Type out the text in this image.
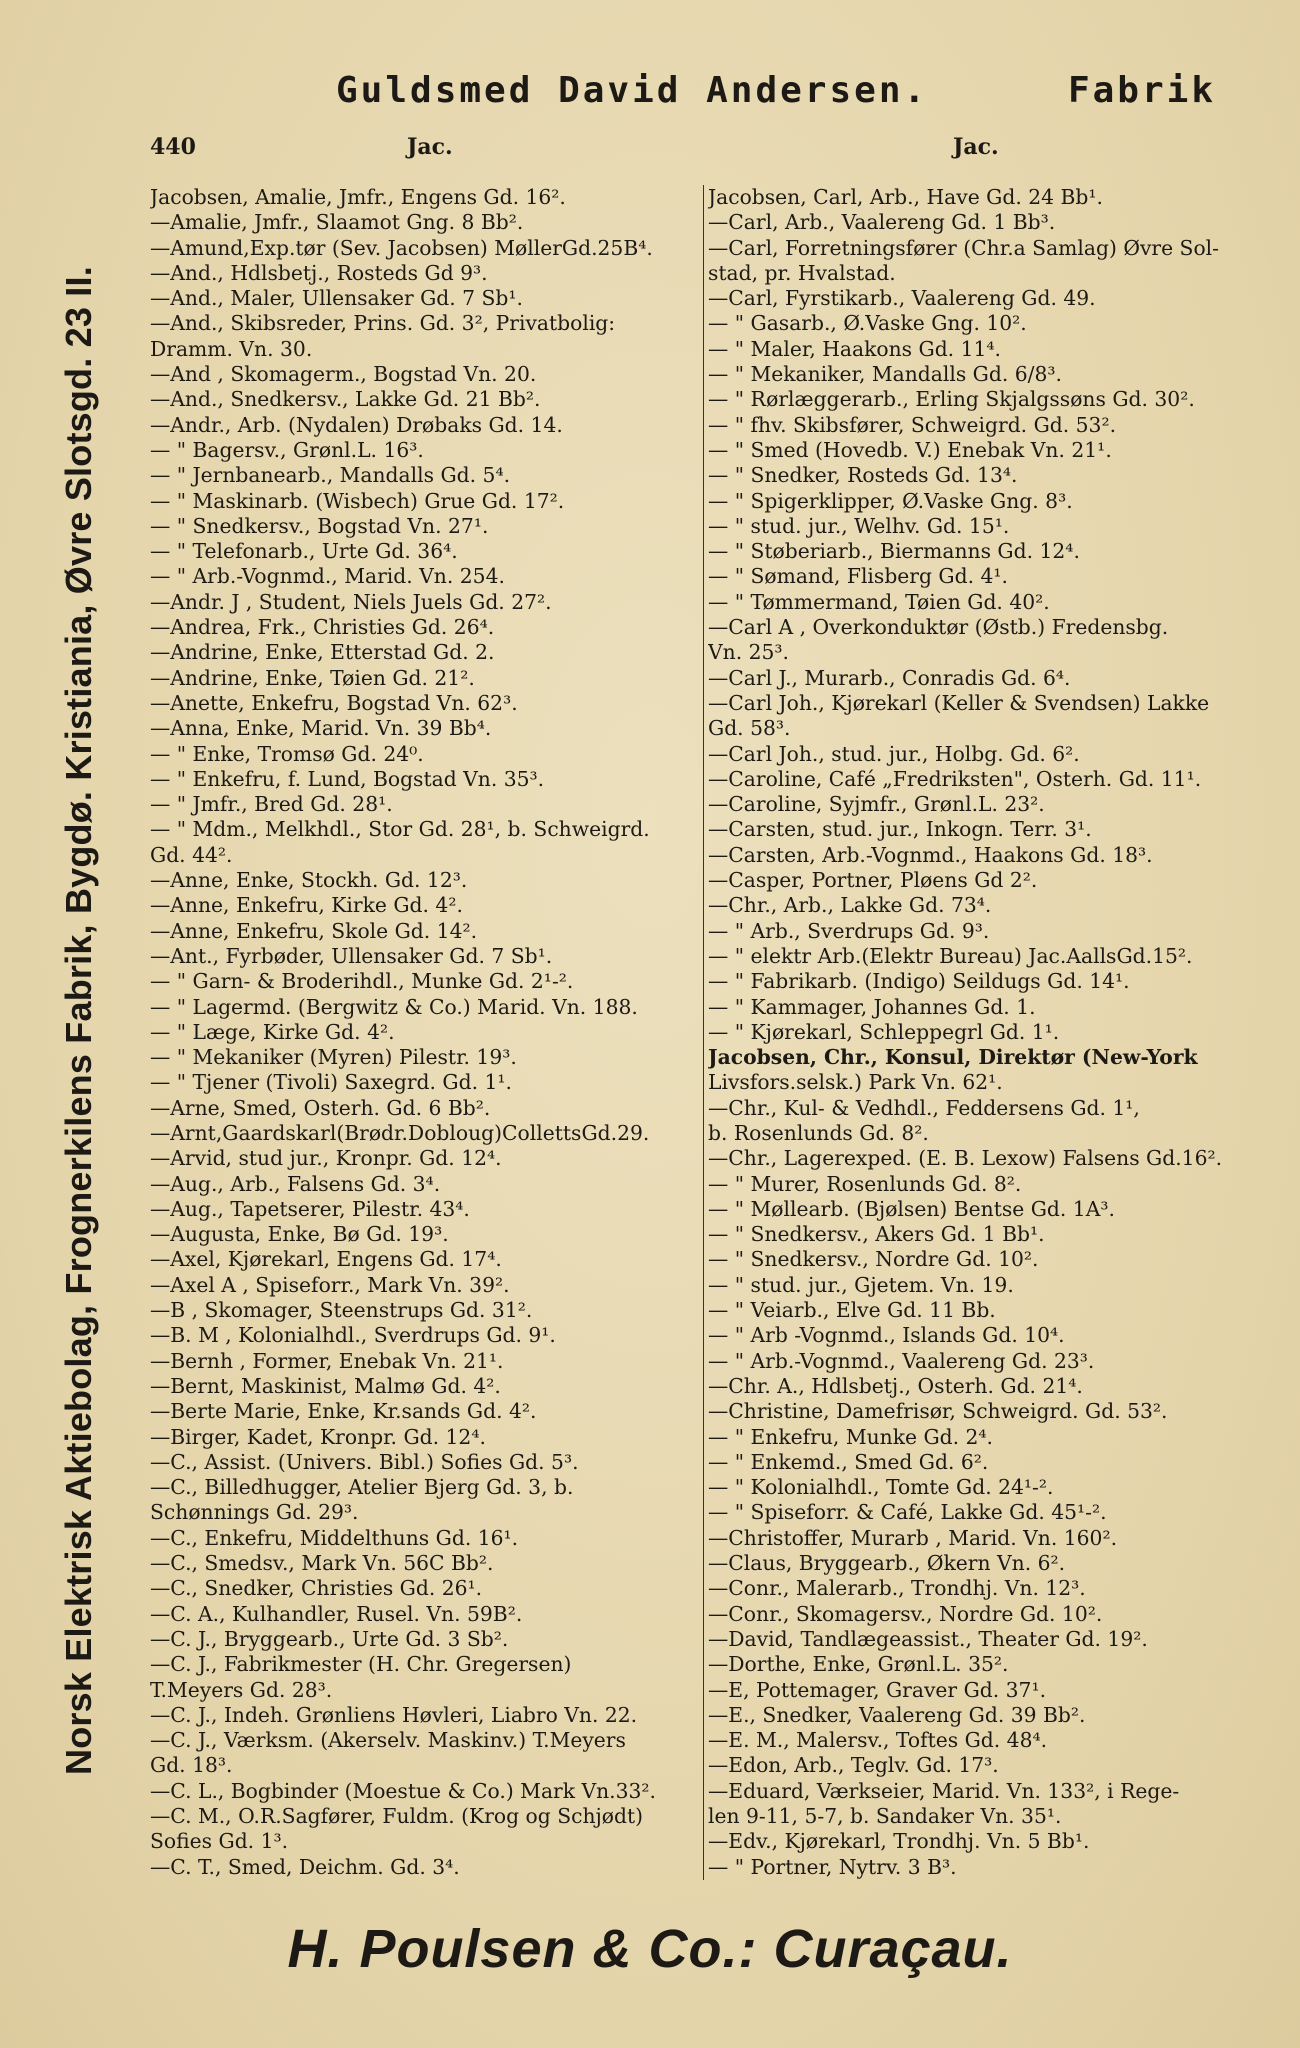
Guldsmed David Andersen.	Fabrik
440	Jac.	Jac.
Norsk Elektrisk Aktiebolag, Frognerkilens Fabrik, Bygdø. Kristiania, Øvre Slotsgd. 23 II.
Jacobsen, Amalie, Jmfr., Engens Gd. 16².
—Amalie, Jmfr., Slaamot Gng. 8 Bb².
—Amund,Exp.tør (Sev. Jacobsen) MøllerGd.25B⁴.
—And., Hdlsbetj., Rosteds Gd 9³.
—And., Maler, Ullensaker Gd. 7 Sb¹.
—And., Skibsreder, Prins. Gd. 3², Privatbolig:
Dramm. Vn. 30.
—And , Skomagerm., Bogstad Vn. 20.
—And., Snedkersv., Lakke Gd. 21 Bb².
—Andr., Arb. (Nydalen) Drøbaks Gd. 14.
— " Bagersv., Grønl.L. 16³.
— " Jernbanearb., Mandalls Gd. 5⁴.
— " Maskinarb. (Wisbech) Grue Gd. 17².
— " Snedkersv., Bogstad Vn. 27¹.
— " Telefonarb., Urte Gd. 36⁴.
— " Arb.-Vognmd., Marid. Vn. 254.
—Andr. J , Student, Niels Juels Gd. 27².
—Andrea, Frk., Christies Gd. 26⁴.
—Andrine, Enke, Etterstad Gd. 2.
—Andrine, Enke, Tøien Gd. 21².
—Anette, Enkefru, Bogstad Vn. 62³.
—Anna, Enke, Marid. Vn. 39 Bb⁴.
— " Enke, Tromsø Gd. 24⁰.
— " Enkefru, f. Lund, Bogstad Vn. 35³.
— " Jmfr., Bred Gd. 28¹.
— " Mdm., Melkhdl., Stor Gd. 28¹, b. Schweigrd.
Gd. 44².
—Anne, Enke, Stockh. Gd. 12³.
—Anne, Enkefru, Kirke Gd. 4².
—Anne, Enkefru, Skole Gd. 14².
—Ant., Fyrbøder, Ullensaker Gd. 7 Sb¹.
— " Garn- & Broderihdl., Munke Gd. 2¹-².
— " Lagermd. (Bergwitz & Co.) Marid. Vn. 188.
— " Læge, Kirke Gd. 4².
— " Mekaniker (Myren) Pilestr. 19³.
— " Tjener (Tivoli) Saxegrd. Gd. 1¹.
—Arne, Smed, Osterh. Gd. 6 Bb².
—Arnt,Gaardskarl(Brødr.Dobloug)CollettsGd.29.
—Arvid, stud jur., Kronpr. Gd. 12⁴.
—Aug., Arb., Falsens Gd. 3⁴.
—Aug., Tapetserer, Pilestr. 43⁴.
—Augusta, Enke, Bø Gd. 19³.
—Axel, Kjørekarl, Engens Gd. 17⁴.
—Axel A , Spiseforr., Mark Vn. 39².
—B , Skomager, Steenstrups Gd. 31².
—B. M , Kolonialhdl., Sverdrups Gd. 9¹.
—Bernh , Former, Enebak Vn. 21¹.
—Bernt, Maskinist, Malmø Gd. 4².
—Berte Marie, Enke, Kr.sands Gd. 4².
—Birger, Kadet, Kronpr. Gd. 12⁴.
—C., Assist. (Univers. Bibl.) Sofies Gd. 5³.
—C., Billedhugger, Atelier Bjerg Gd. 3, b.
Schønnings Gd. 29³.
—C., Enkefru, Middelthuns Gd. 16¹.
—C., Smedsv., Mark Vn. 56C Bb².
—C., Snedker, Christies Gd. 26¹.
—C. A., Kulhandler, Rusel. Vn. 59B².
—C. J., Bryggearb., Urte Gd. 3 Sb².
—C. J., Fabrikmester (H. Chr. Gregersen)
T.Meyers Gd. 28³.
—C. J., Indeh. Grønliens Høvleri, Liabro Vn. 22.
—C. J., Værksm. (Akerselv. Maskinv.) T.Meyers
Gd. 18³.
—C. L., Bogbinder (Moestue & Co.) Mark Vn.33².
—C. M., O.R.Sagfører, Fuldm. (Krog og Schjødt)
Sofies Gd. 1³.
—C. T., Smed, Deichm. Gd. 3⁴.
Jacobsen, Carl, Arb., Have Gd. 24 Bb¹.
—Carl, Arb., Vaalereng Gd. 1 Bb³.
—Carl, Forretningsfører (Chr.a Samlag) Øvre Sol-
stad, pr. Hvalstad.
—Carl, Fyrstikarb., Vaalereng Gd. 49.
— " Gasarb., Ø.Vaske Gng. 10².
— " Maler, Haakons Gd. 11⁴.
— " Mekaniker, Mandalls Gd. 6/8³.
— " Rørlæggerarb., Erling Skjalgssøns Gd. 30².
— " fhv. Skibsfører, Schweigrd. Gd. 53².
— " Smed (Hovedb. V.) Enebak Vn. 21¹.
— " Snedker, Rosteds Gd. 13⁴.
— " Spigerklipper, Ø.Vaske Gng. 8³.
— " stud. jur., Welhv. Gd. 15¹.
— " Støberiarb., Biermanns Gd. 12⁴.
— " Sømand, Flisberg Gd. 4¹.
— " Tømmermand, Tøien Gd. 40².
—Carl A , Overkonduktør (Østb.) Fredensbg.
Vn. 25³.
—Carl J., Murarb., Conradis Gd. 6⁴.
—Carl Joh., Kjørekarl (Keller & Svendsen) Lakke
Gd. 58³.
—Carl Joh., stud. jur., Holbg. Gd. 6².
—Caroline, Café „Fredriksten", Osterh. Gd. 11¹.
—Caroline, Syjmfr., Grønl.L. 23².
—Carsten, stud. jur., Inkogn. Terr. 3¹.
—Carsten, Arb.-Vognmd., Haakons Gd. 18³.
—Casper, Portner, Pløens Gd 2².
—Chr., Arb., Lakke Gd. 73⁴.
— " Arb., Sverdrups Gd. 9³.
— " elektr Arb.(Elektr Bureau) Jac.AallsGd.15².
— " Fabrikarb. (Indigo) Seildugs Gd. 14¹.
— " Kammager, Johannes Gd. 1.
— " Kjørekarl, Schleppegrl Gd. 1¹.
Jacobsen, Chr., Konsul, Direktør (New-York
Livsfors.selsk.) Park Vn. 62¹.
—Chr., Kul- & Vedhdl., Feddersens Gd. 1¹,
b. Rosenlunds Gd. 8².
—Chr., Lagerexped. (E. B. Lexow) Falsens Gd.16².
— " Murer, Rosenlunds Gd. 8².
— " Møllearb. (Bjølsen) Bentse Gd. 1A³.
— " Snedkersv., Akers Gd. 1 Bb¹.
— " Snedkersv., Nordre Gd. 10².
— " stud. jur., Gjetem. Vn. 19.
— " Veiarb., Elve Gd. 11 Bb.
— " Arb -Vognmd., Islands Gd. 10⁴.
— " Arb.-Vognmd., Vaalereng Gd. 23³.
—Chr. A., Hdlsbetj., Osterh. Gd. 21⁴.
—Christine, Damefrisør, Schweigrd. Gd. 53².
— " Enkefru, Munke Gd. 2⁴.
— " Enkemd., Smed Gd. 6².
— " Kolonialhdl., Tomte Gd. 24¹-².
— " Spiseforr. & Café, Lakke Gd. 45¹-².
—Christoffer, Murarb , Marid. Vn. 160².
—Claus, Bryggearb., Økern Vn. 6².
—Conr., Malerarb., Trondhj. Vn. 12³.
—Conr., Skomagersv., Nordre Gd. 10².
—David, Tandlægeassist., Theater Gd. 19².
—Dorthe, Enke, Grønl.L. 35².
—E, Pottemager, Graver Gd. 37¹.
—E., Snedker, Vaalereng Gd. 39 Bb².
—E. M., Malersv., Toftes Gd. 48⁴.
—Edon, Arb., Teglv. Gd. 17³.
—Eduard, Værkseier, Marid. Vn. 133², i Rege-
len 9-11, 5-7, b. Sandaker Vn. 35¹.
—Edv., Kjørekarl, Trondhj. Vn. 5 Bb¹.
— " Portner, Nytrv. 3 B³.
H. Poulsen & Co.: Curaçau.
